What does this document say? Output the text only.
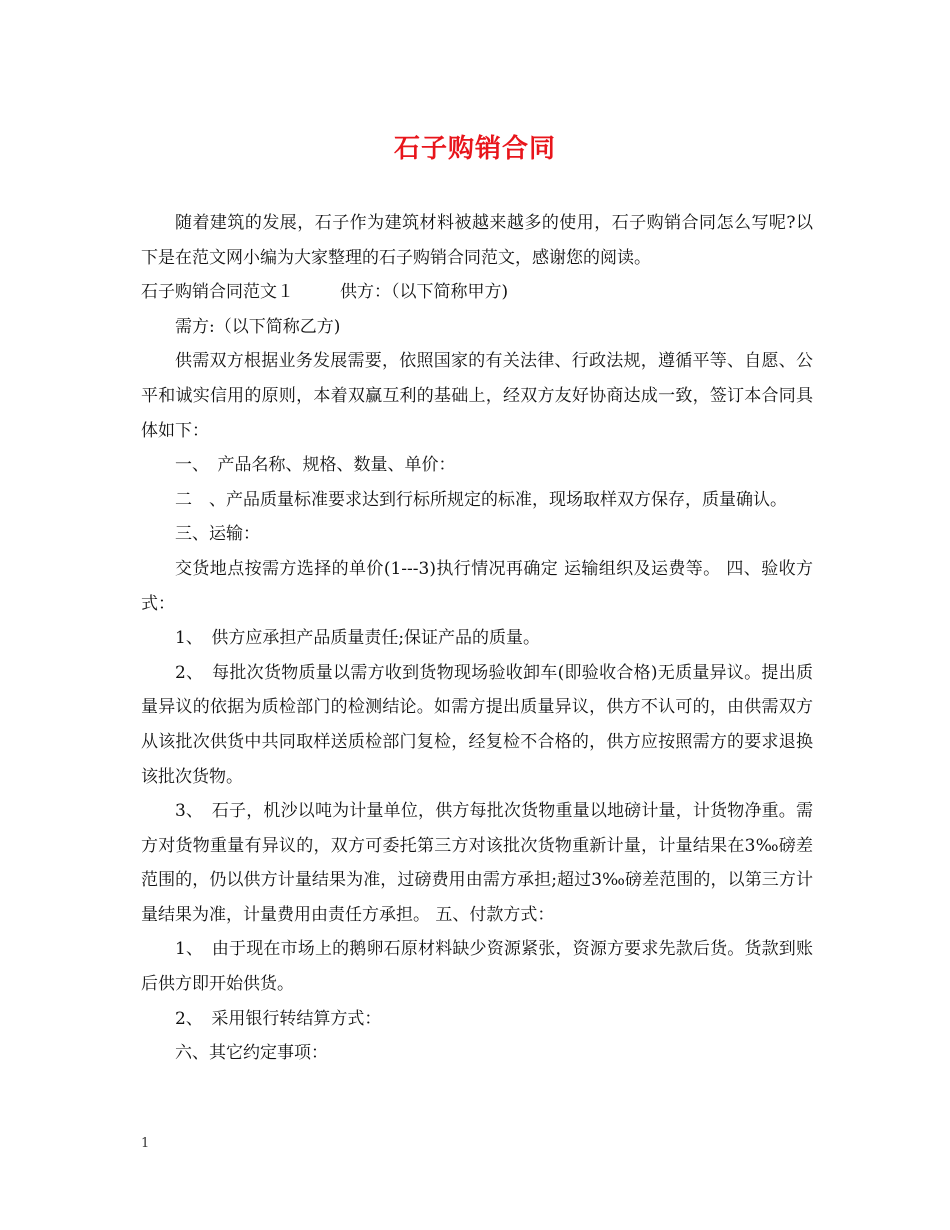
石子购销合同

随着建筑的发展，石子作为建筑材料被越来越多的使用，石子购销合同怎么写呢?以下是在范文网小编为大家整理的石子购销合同范文，感谢您的阅读。

石子购销合同范文１	供方：（以下简称甲方)

需方:（以下简称乙方)

供需双方根据业务发展需要，依照国家的有关法律、行政法规，遵循平等、自愿、公平和诚实信用的原则，本着双赢互利的基础上，经双方友好协商达成一致，签订本合同具体如下：

一、　产品名称、规格、数量、单价：

二　、产品质量标准要求达到行标所规定的标准，现场取样双方保存，质量确认。

三、运输：

交货地点按需方选择的单价(1---3)执行情况再确定 运输组织及运费等。 四、验收方式：

1、　供方应承担产品质量责任;保证产品的质量。

2、　每批次货物质量以需方收到货物现场验收卸车(即验收合格)无质量异议。提出质量异议的依据为质检部门的检测结论。如需方提出质量异议，供方不认可的，由供需双方从该批次供货中共同取样送质检部门复检，经复检不合格的，供方应按照需方的要求退换该批次货物。

3、　石子，机沙以吨为计量单位，供方每批次货物重量以地磅计量，计货物净重。需方对货物重量有异议的，双方可委托第三方对该批次货物重新计量，计量结果在3‰磅差范围的，仍以供方计量结果为准，过磅费用由需方承担;超过3‰磅差范围的，以第三方计量结果为准，计量费用由责任方承担。 五、付款方式：

1、　由于现在市场上的鹅卵石原材料缺少资源紧张，资源方要求先款后货。货款到账后供方即开始供货。

2、　采用银行转结算方式：

六、其它约定事项：

1
